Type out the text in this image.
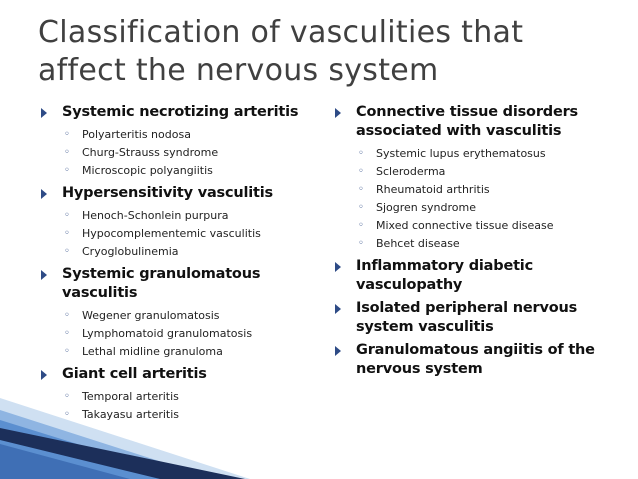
Classification of vasculities that
affect the nervous system
Systemic necrotizing arteritis
◦ Polyarteritis nodosa
◦ Churg-Strauss syndrome
◦ Microscopic polyangiitis
Hypersensitivity vasculitis
◦ Henoch-Schonlein purpura
◦ Hypocomplementemic vasculitis
◦ Cryoglobulinemia
Systemic granulomatous vasculitis
◦ Wegener granulomatosis
◦ Lymphomatoid granulomatosis
◦ Lethal midline granuloma
Giant cell arteritis
◦ Temporal arteritis
◦ Takayasu arteritis
Connective tissue disorders associated with vasculitis
◦ Systemic lupus erythematosus
◦ Scleroderma
◦ Rheumatoid arthritis
◦ Sjogren syndrome
◦ Mixed connective tissue disease
◦ Behcet disease
Inflammatory diabetic vasculopathy
Isolated peripheral nervous system vasculitis
Granulomatous angiitis of the nervous system
